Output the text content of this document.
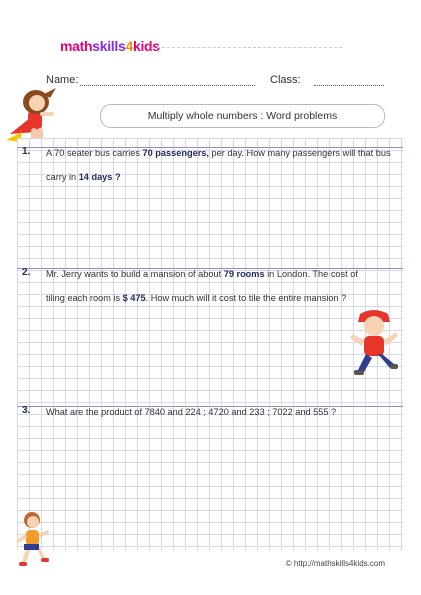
mathskills4kids
Name:	Class:
Multiply whole numbers : Word problems
1. A 70 seater bus carries 70 passengers, per day. How many passengers will that bus
carry in 14 days ?
2. Mr. Jerry wants to build a mansion of about 79 rooms in London. The cost of
tiling each room is $ 475. How much will it cost to tile the entire mansion ?
3. What are the product of 7840 and 224 ; 4720 and 233 ; 7022 and 555 ?
© http://mathskills4kids.com
